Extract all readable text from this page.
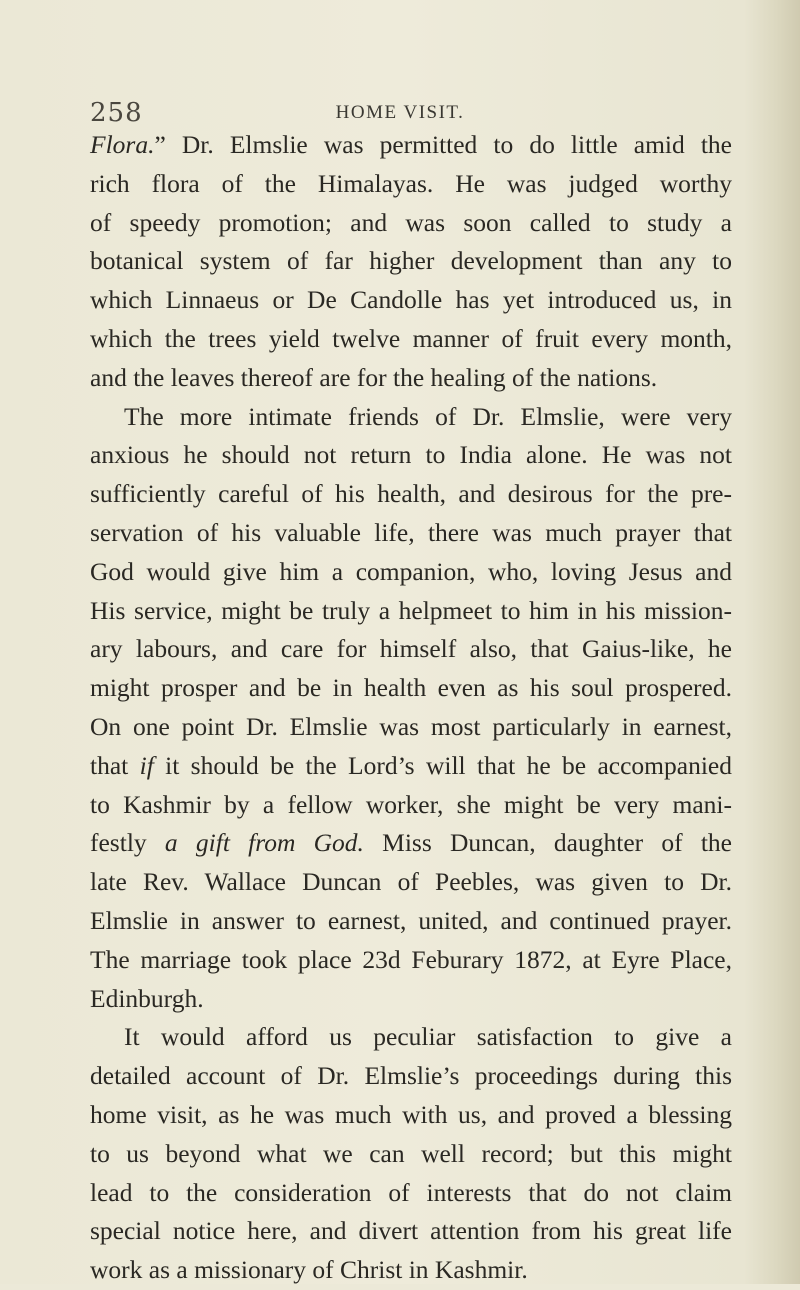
258	HOME VISIT.
Flora.” Dr. Elmslie was permitted to do little amid the
rich flora of the Himalayas. He was judged worthy
of speedy promotion; and was soon called to study a
botanical system of far higher development than any to
which Linnaeus or De Candolle has yet introduced us, in
which the trees yield twelve manner of fruit every month,
and the leaves thereof are for the healing of the nations.
The more intimate friends of Dr. Elmslie, were very
anxious he should not return to India alone. He was not
sufficiently careful of his health, and desirous for the pre-
servation of his valuable life, there was much prayer that
God would give him a companion, who, loving Jesus and
His service, might be truly a helpmeet to him in his mission-
ary labours, and care for himself also, that Gaius-like, he
might prosper and be in health even as his soul prospered.
On one point Dr. Elmslie was most particularly in earnest,
that if it should be the Lord’s will that he be accompanied
to Kashmir by a fellow worker, she might be very mani-
festly a gift from God. Miss Duncan, daughter of the
late Rev. Wallace Duncan of Peebles, was given to Dr.
Elmslie in answer to earnest, united, and continued prayer.
The marriage took place 23d Feburary 1872, at Eyre Place,
Edinburgh.
It would afford us peculiar satisfaction to give a
detailed account of Dr. Elmslie’s proceedings during this
home visit, as he was much with us, and proved a blessing
to us beyond what we can well record; but this might
lead to the consideration of interests that do not claim
special notice here, and divert attention from his great life
work as a missionary of Christ in Kashmir.
